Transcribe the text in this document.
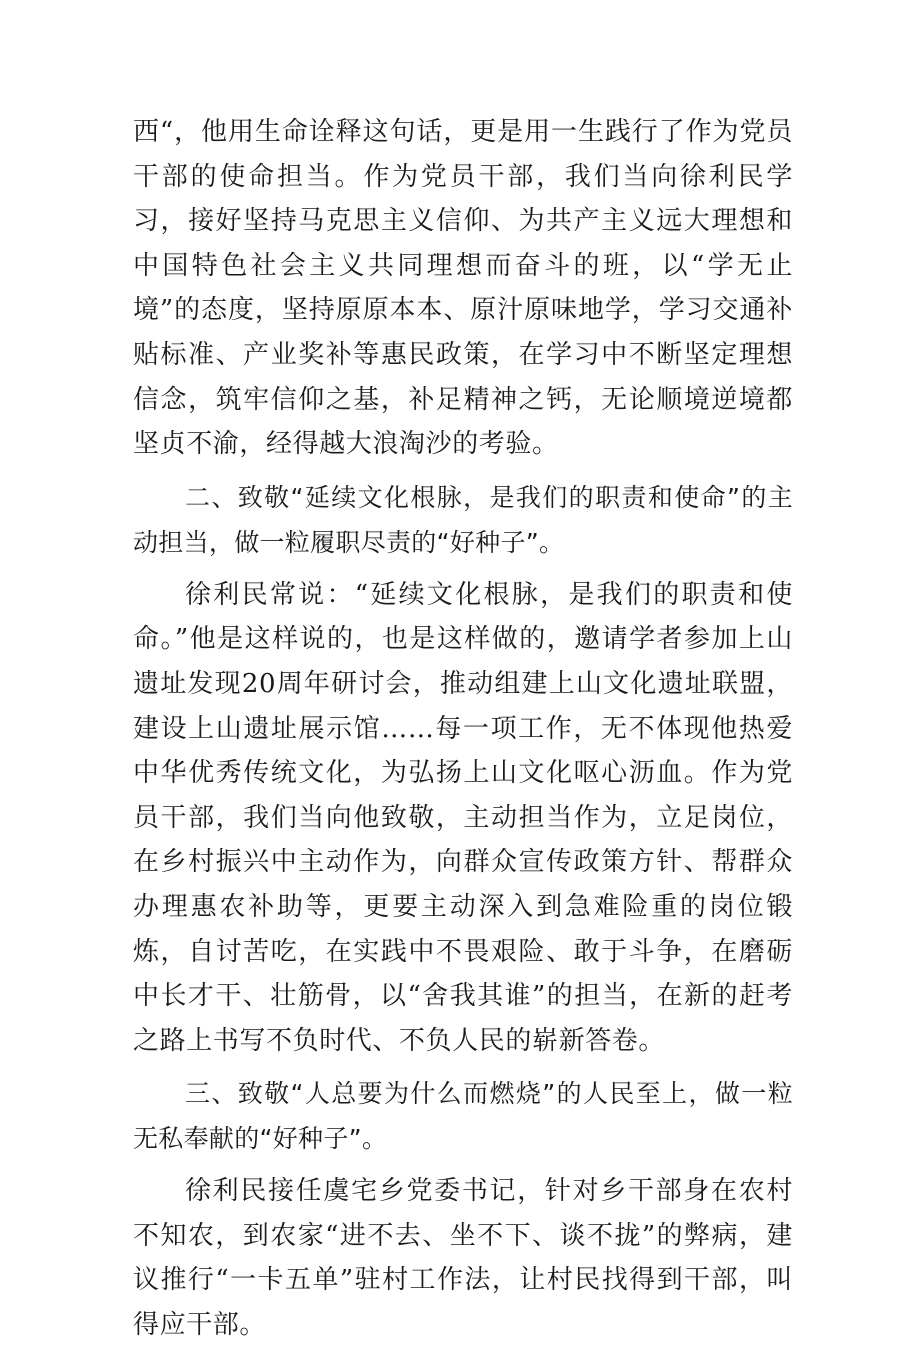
西“，他用生命诠释这句话，更是用一生践行了作为党员干部的使命担当。作为党员干部，我们当向徐利民学习，接好坚持马克思主义信仰、为共产主义远大理想和中国特色社会主义共同理想而奋斗的班，以“学无止境”的态度，坚持原原本本、原汁原味地学，学习交通补贴标准、产业奖补等惠民政策，在学习中不断坚定理想信念，筑牢信仰之基，补足精神之钙，无论顺境逆境都坚贞不渝，经得越大浪淘沙的考验。

二、致敬“延续文化根脉，是我们的职责和使命”的主动担当，做一粒履职尽责的“好种子”。

徐利民常说：“延续文化根脉，是我们的职责和使命。”他是这样说的，也是这样做的，邀请学者参加上山遗址发现20周年研讨会，推动组建上山文化遗址联盟，建设上山遗址展示馆……每一项工作，无不体现他热爱中华优秀传统文化，为弘扬上山文化呕心沥血。作为党员干部，我们当向他致敬，主动担当作为，立足岗位，在乡村振兴中主动作为，向群众宣传政策方针、帮群众办理惠农补助等，更要主动深入到急难险重的岗位锻炼，自讨苦吃，在实践中不畏艰险、敢于斗争，在磨砺中长才干、壮筋骨，以“舍我其谁”的担当，在新的赶考之路上书写不负时代、不负人民的崭新答卷。

三、致敬“人总要为什么而燃烧”的人民至上，做一粒无私奉献的“好种子”。

徐利民接任虞宅乡党委书记，针对乡干部身在农村不知农，到农家“进不去、坐不下、谈不拢”的弊病，建议推行“一卡五单”驻村工作法，让村民找得到干部，叫得应干部。
